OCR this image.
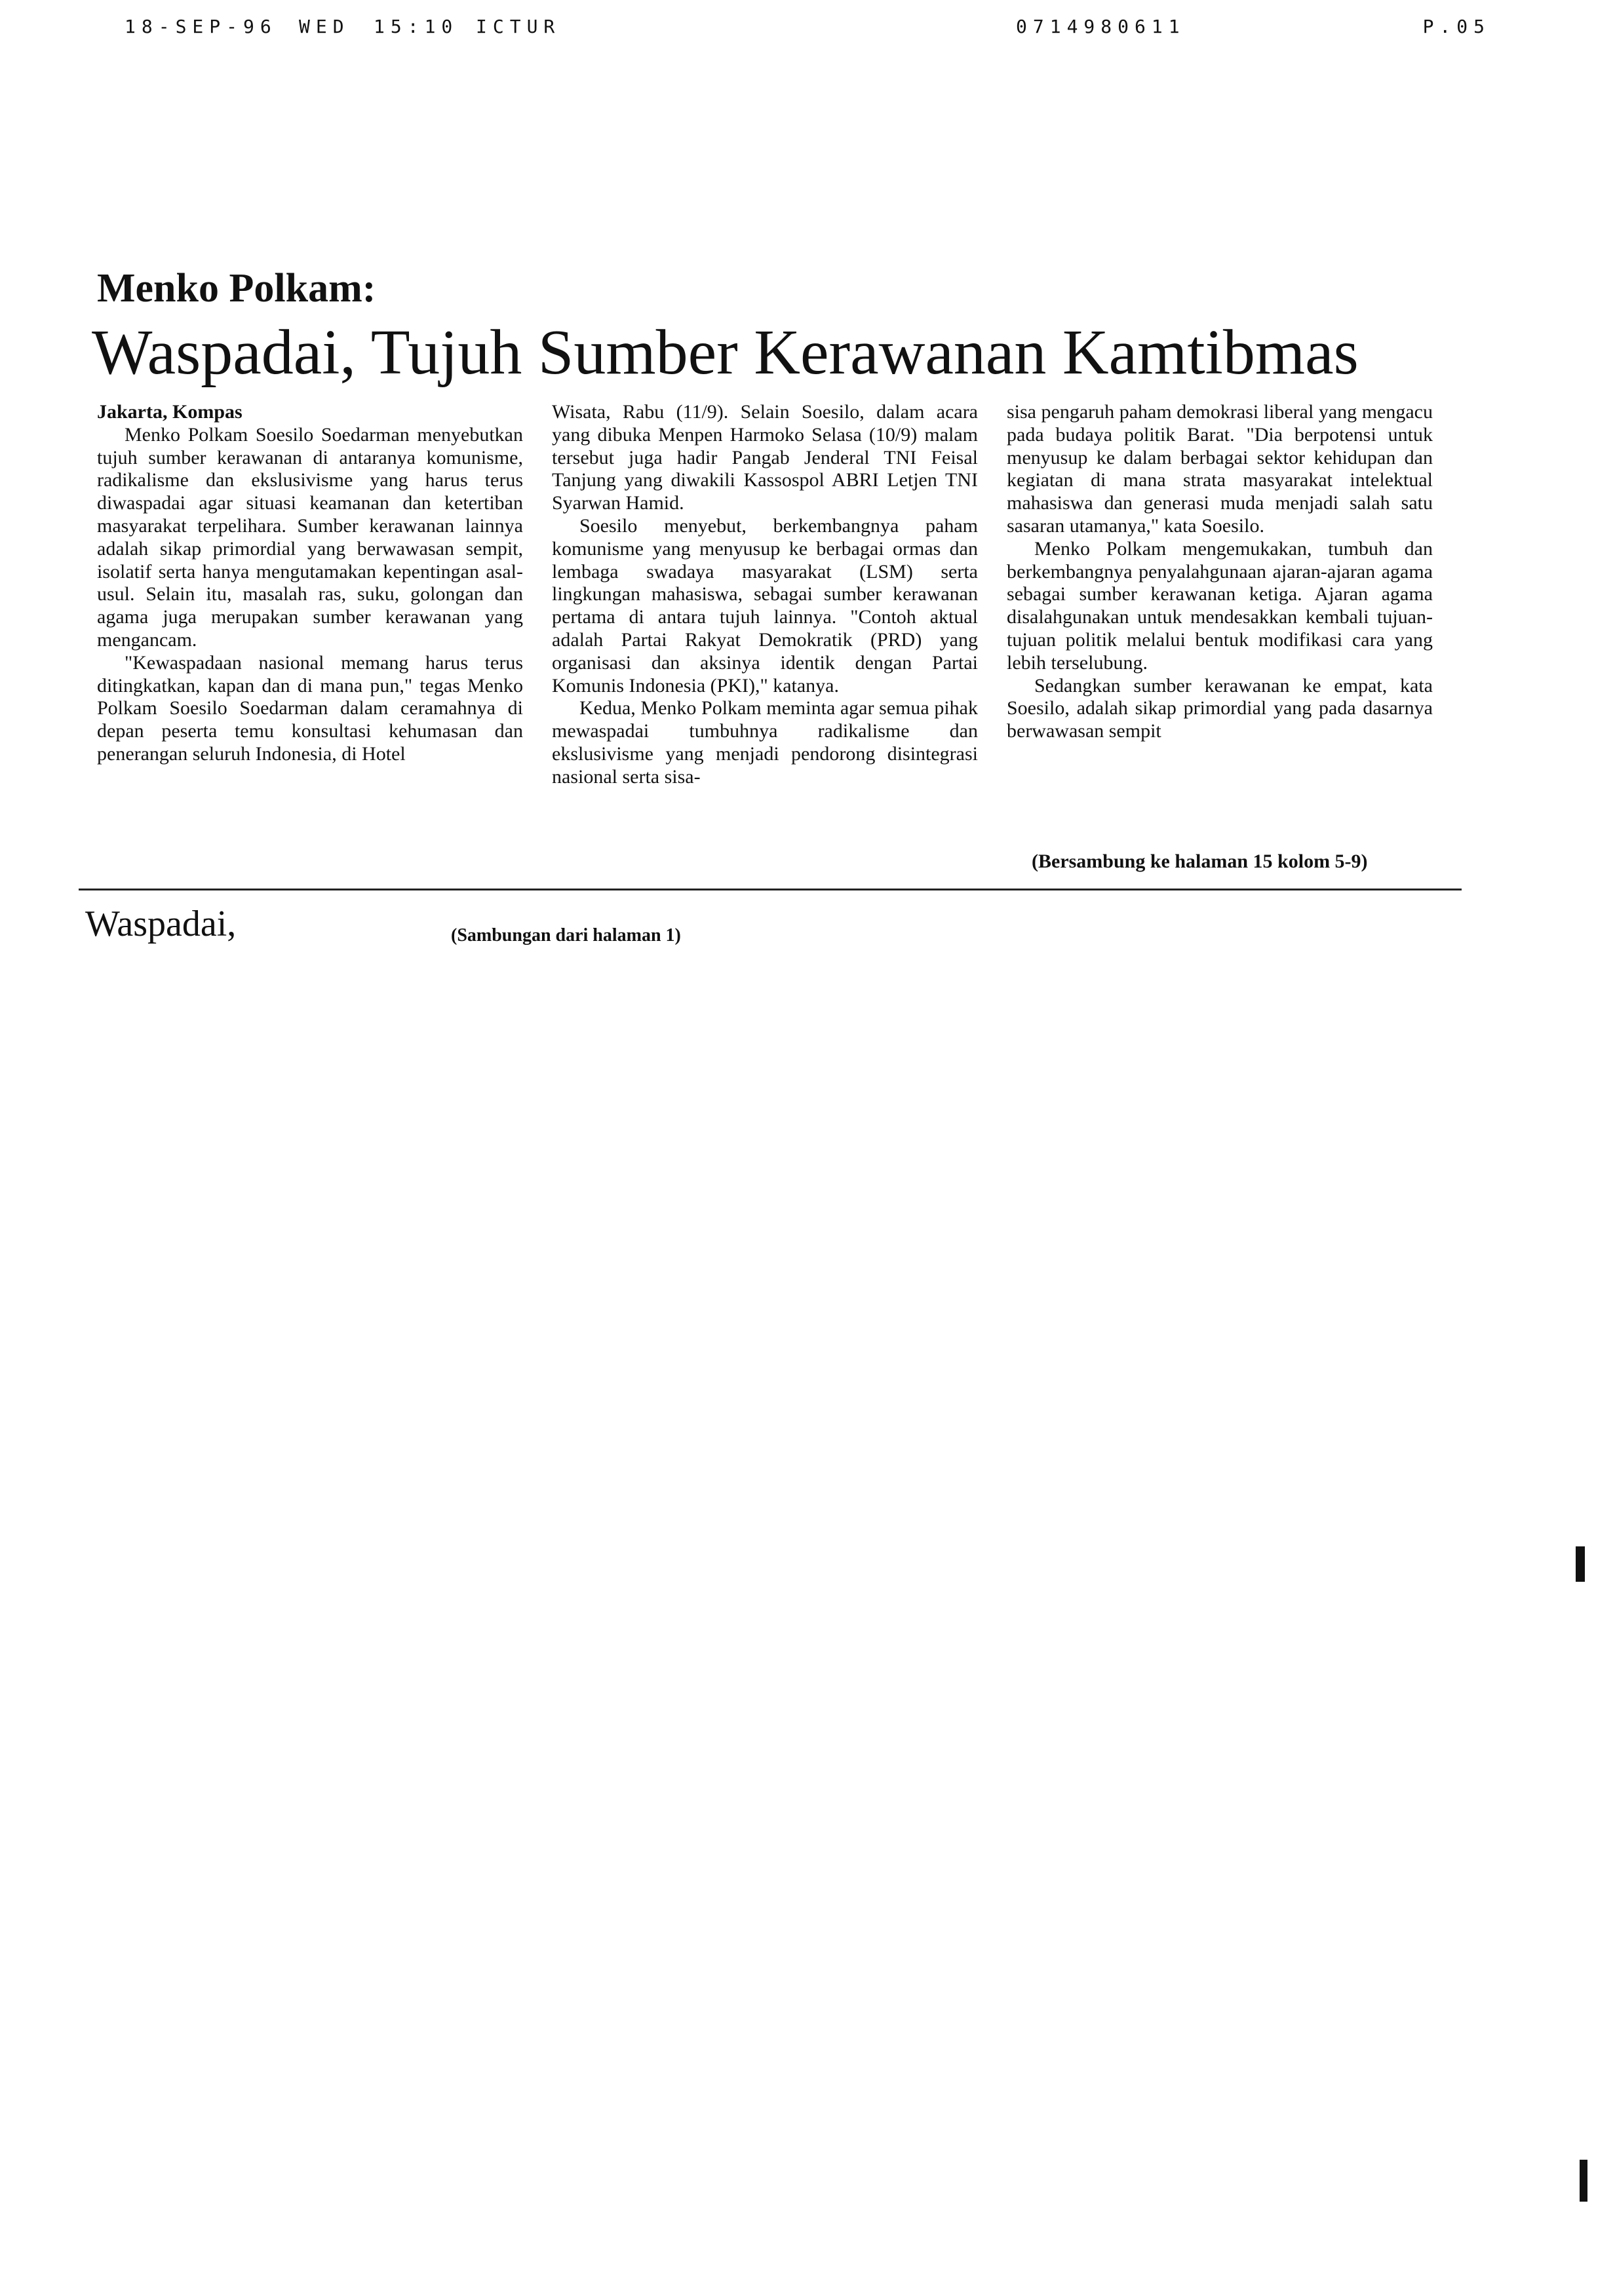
18-SEP-96 WED 15:10 ICTUR	0714980611	P.05
Menko Polkam:
Waspadai, Tujuh Sumber Kerawanan Kamtibmas

Jakarta, Kompas

Menko Polkam Soesilo Soedarman menyebutkan tujuh sumber kerawanan di antaranya komunisme, radikalisme dan ekslusivisme yang harus terus diwaspadai agar situasi keamanan dan ketertiban masyarakat terpelihara. Sumber kerawanan lainnya adalah sikap primordial yang berwawasan sempit, isolatif serta hanya mengutamakan kepentingan asal-usul. Selain itu, masalah ras, suku, golongan dan agama juga merupakan sumber kerawanan yang mengancam.

"Kewaspadaan nasional memang harus terus ditingkatkan, kapan dan di mana pun," tegas Menko Polkam Soesilo Soedarman dalam ceramahnya di depan peserta temu konsultasi kehumasan dan penerangan seluruh Indonesia, di Hotel

Wisata, Rabu (11/9). Selain Soesilo, dalam acara yang dibuka Menpen Harmoko Selasa (10/9) malam tersebut juga hadir Pangab Jenderal TNI Feisal Tanjung yang diwakili Kassospol ABRI Letjen TNI Syarwan Hamid.

Soesilo menyebut, berkembangnya paham komunisme yang menyusup ke berbagai ormas dan lembaga swadaya masyarakat (LSM) serta lingkungan mahasiswa, sebagai sumber kerawanan pertama di antara tujuh lainnya. "Contoh aktual adalah Partai Rakyat Demokratik (PRD) yang organisasi dan aksinya identik dengan Partai Komunis Indonesia (PKI)," katanya.

Kedua, Menko Polkam meminta agar semua pihak mewaspadai tumbuhnya radikalisme dan ekslusivisme yang menjadi pendorong disintegrasi nasional serta sisa-

sisa pengaruh paham demokrasi liberal yang mengacu pada budaya politik Barat. "Dia berpotensi untuk menyusup ke dalam berbagai sektor kehidupan dan kegiatan di mana strata masyarakat intelektual mahasiswa dan generasi muda menjadi salah satu sasaran utamanya," kata Soesilo.

Menko Polkam mengemukakan, tumbuh dan berkembangnya penyalahgunaan ajaran-ajaran agama sebagai sumber kerawanan ketiga. Ajaran agama disalahgunakan untuk mendesakkan kembali tujuan-tujuan politik melalui bentuk modifikasi cara yang lebih terselubung.

Sedangkan sumber kerawanan ke empat, kata Soesilo, adalah sikap primordial yang pada dasarnya berwawasan sempit

(Bersambung ke halaman 15 kolom 5-9)
Waspadai,	(Sambungan dari halaman 1)
